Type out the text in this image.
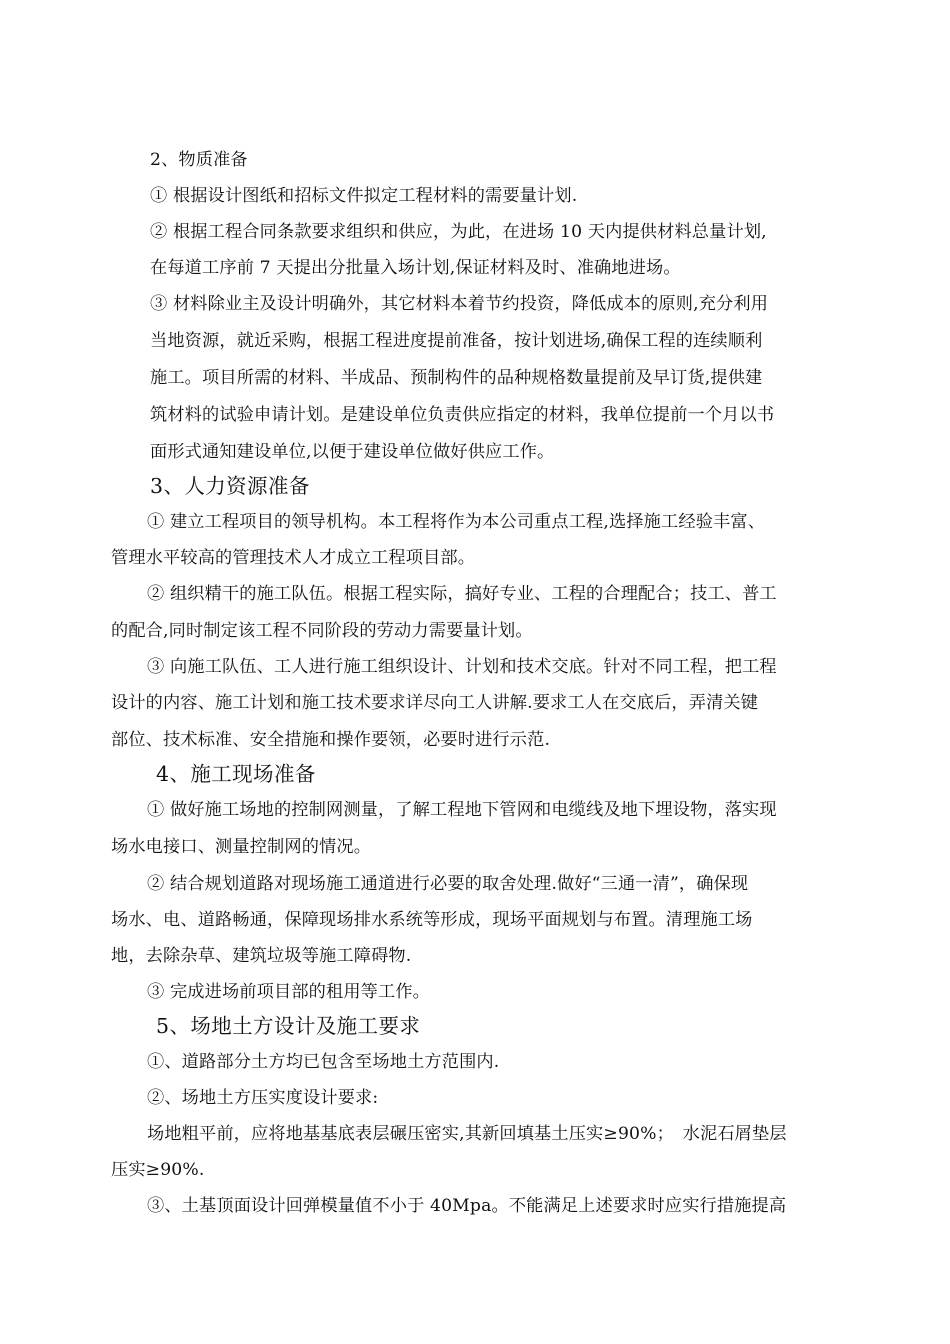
2、物质准备
① 根据设计图纸和招标文件拟定工程材料的需要量计划.
② 根据工程合同条款要求组织和供应，为此，在进场 10 天内提供材料总量计划,
在每道工序前 7 天提出分批量入场计划,保证材料及时、准确地进场。
③ 材料除业主及设计明确外，其它材料本着节约投资，降低成本的原则,充分利用
当地资源，就近采购，根据工程进度提前准备，按计划进场,确保工程的连续顺利
施工。项目所需的材料、半成品、预制构件的品种规格数量提前及早订货,提供建
筑材料的试验申请计划。是建设单位负责供应指定的材料，我单位提前一个月以书
面形式通知建设单位,以便于建设单位做好供应工作。
3、人力资源准备
① 建立工程项目的领导机构。本工程将作为本公司重点工程,选择施工经验丰富、
管理水平较高的管理技术人才成立工程项目部。
② 组织精干的施工队伍。根据工程实际，搞好专业、工程的合理配合；技工、普工
的配合,同时制定该工程不同阶段的劳动力需要量计划。
③ 向施工队伍、工人进行施工组织设计、计划和技术交底。针对不同工程，把工程
设计的内容、施工计划和施工技术要求详尽向工人讲解.要求工人在交底后，弄清关键
部位、技术标准、安全措施和操作要领，必要时进行示范.
4、施工现场准备
① 做好施工场地的控制网测量，了解工程地下管网和电缆线及地下埋设物，落实现
场水电接口、测量控制网的情况。
② 结合规划道路对现场施工通道进行必要的取舍处理.做好“三通一清”，确保现
场水、电、道路畅通，保障现场排水系统等形成，现场平面规划与布置。清理施工场
地，去除杂草、建筑垃圾等施工障碍物.
③ 完成进场前项目部的租用等工作。
5、场地土方设计及施工要求
①、道路部分土方均已包含至场地土方范围内.
②、场地土方压实度设计要求:
场地粗平前，应将地基基底表层碾压密实,其新回填基土压实≥90%；　水泥石屑垫层
压实≥90%.
③、土基顶面设计回弹模量值不小于 40Mpa。不能满足上述要求时应实行措施提高
